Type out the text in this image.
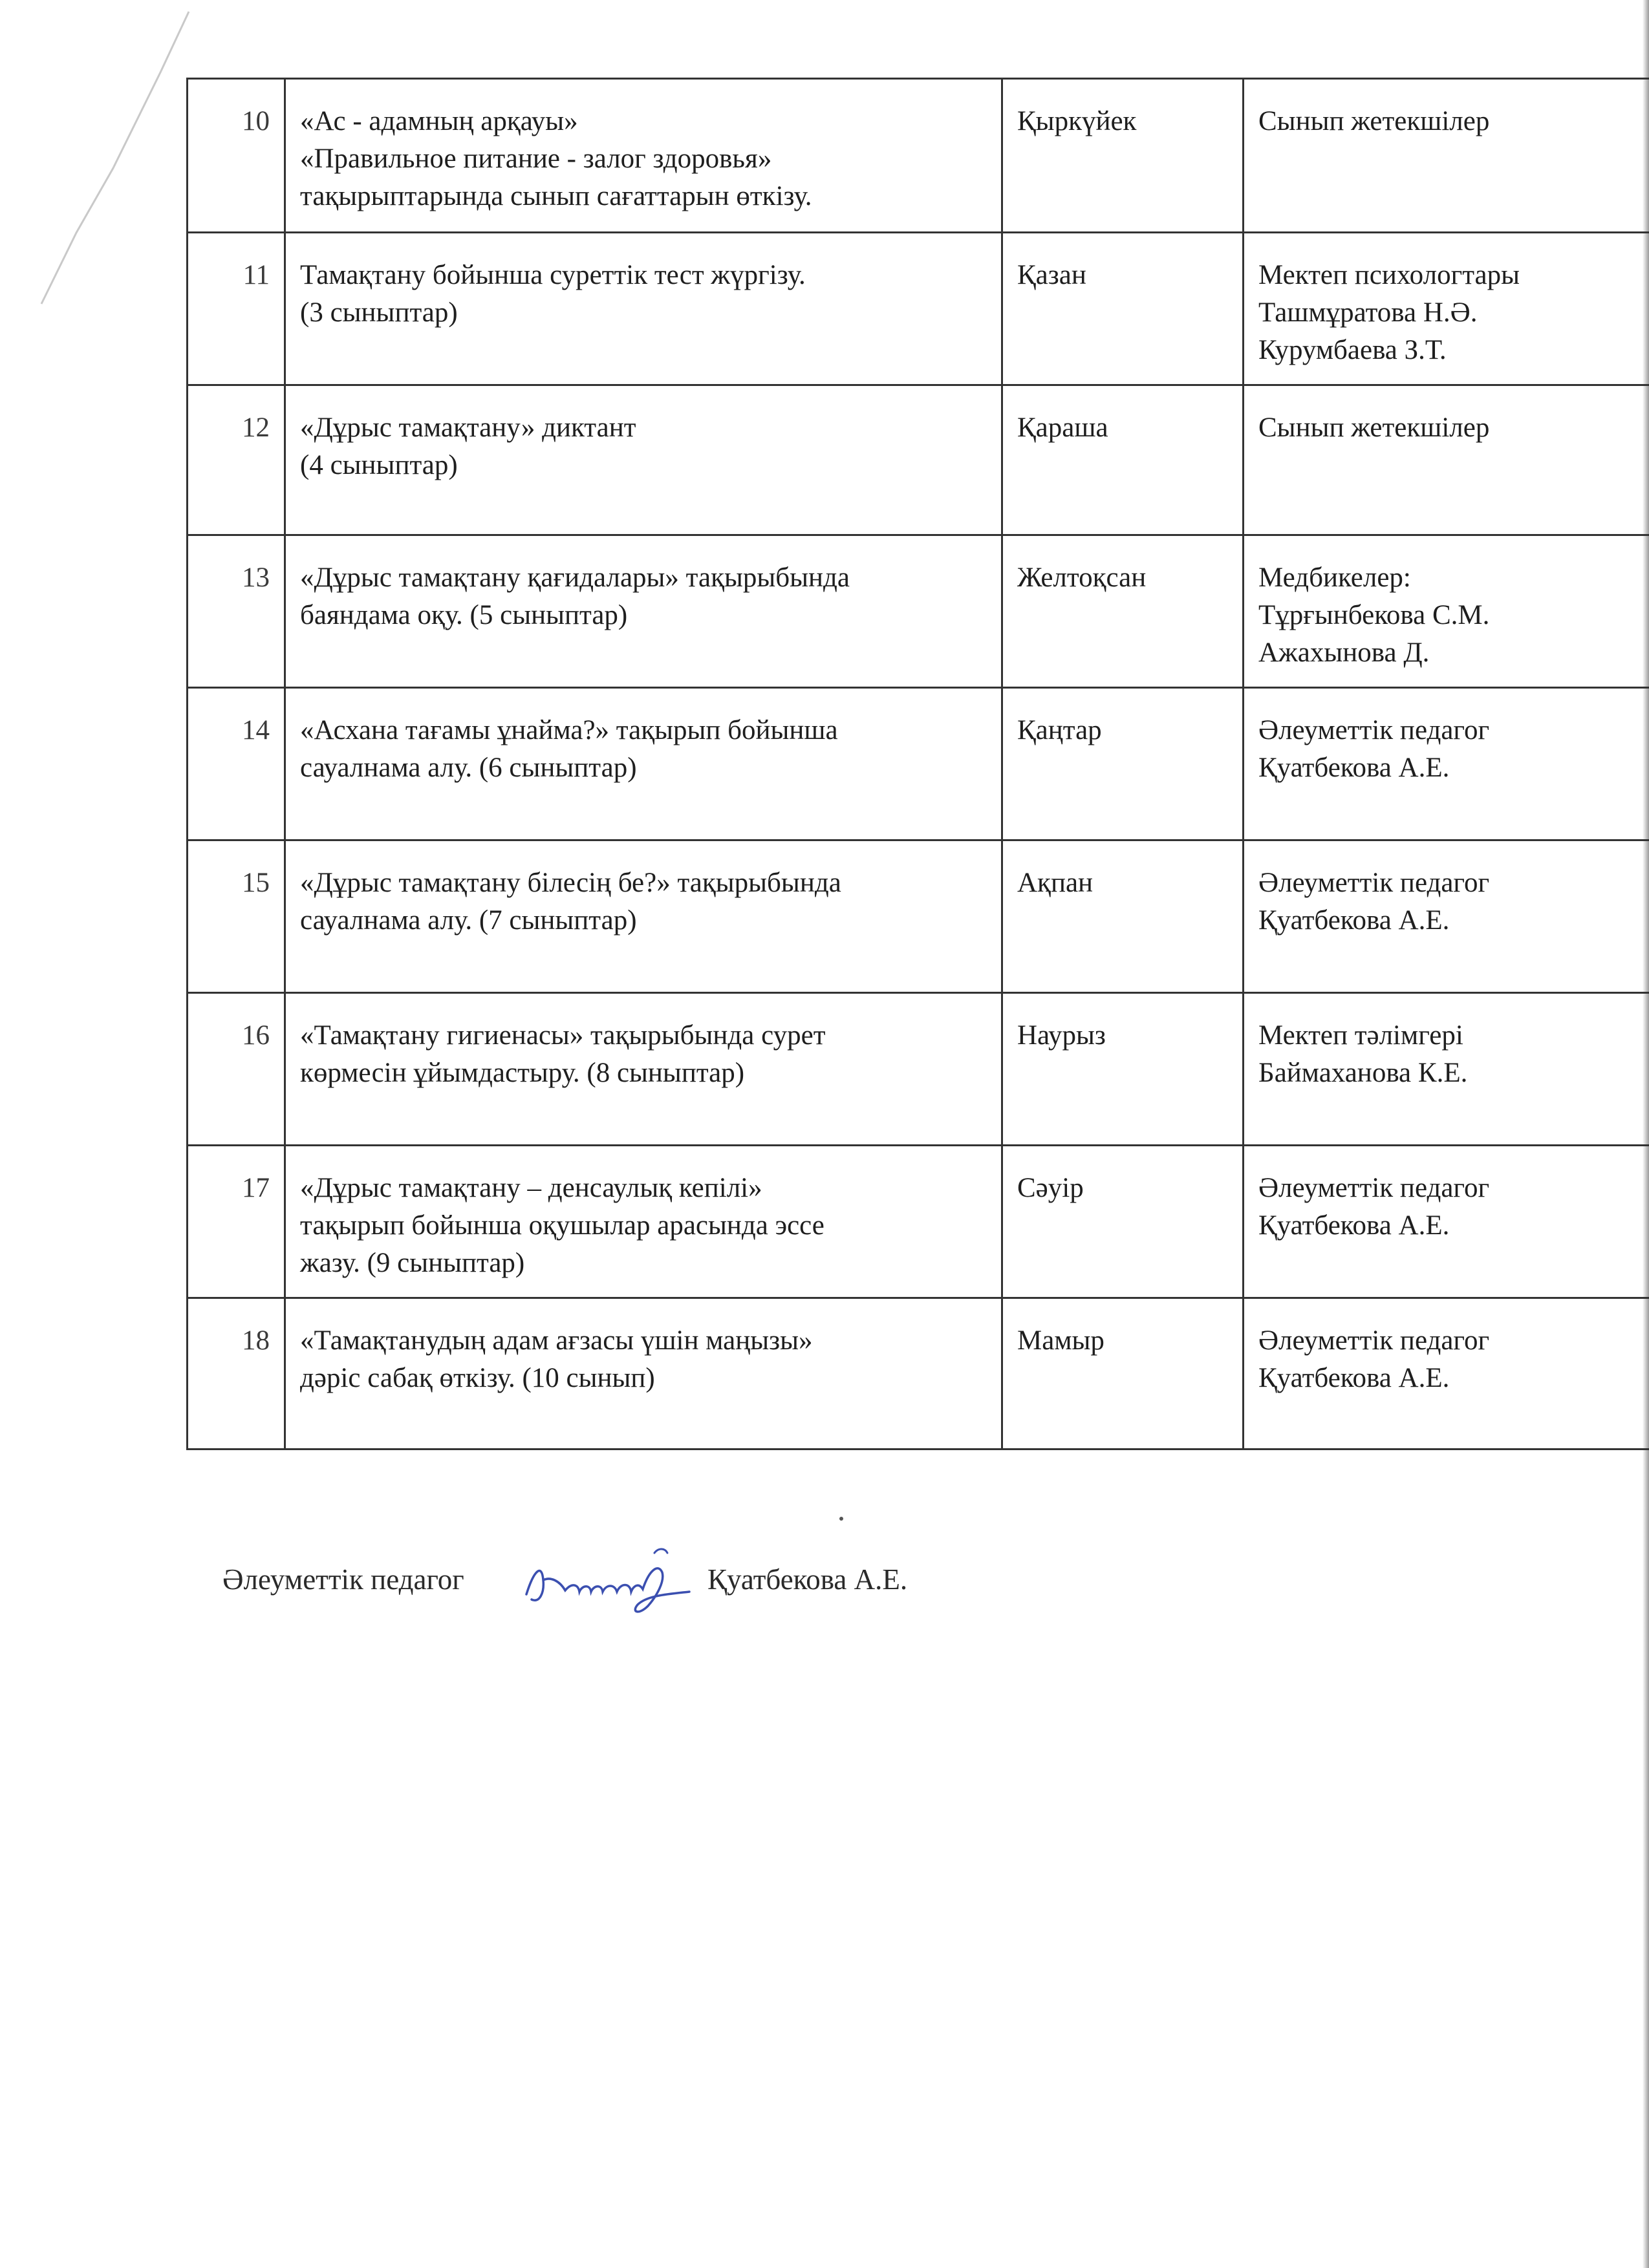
10	«Ас - адамның арқауы»
«Правильное питание - залог здоровья»
тақырыптарында сынып сағаттарын өткізу.	Қыркүйек	Сынып жетекшілер

11	Тамақтану бойынша суреттік тест жүргізу.
(3 сыныптар)	Қазан	Мектеп психологтары
Ташмұратова Н.Ә.
Курумбаева З.Т.

12	«Дұрыс тамақтану» диктант
(4 сыныптар)	Қараша	Сынып жетекшілер

13	«Дұрыс тамақтану қағидалары» тақырыбында
баяндама оқу. (5 сыныптар)	Желтоқсан	Медбикелер:
Тұрғынбекова С.М.
Ажахынова Д.

14	«Асхана тағамы ұнайма?» тақырып бойынша
сауалнама алу. (6 сыныптар)	Қаңтар	Әлеуметтік педагог
Қуатбекова А.Е.

15	«Дұрыс тамақтану білесің бе?» тақырыбында
сауалнама алу. (7 сыныптар)	Ақпан	Әлеуметтік педагог
Қуатбекова А.Е.

16	«Тамақтану гигиенасы» тақырыбында сурет
көрмесін ұйымдастыру. (8 сыныптар)	Наурыз	Мектеп тәлімгері
Баймаханова К.Е.

17	«Дұрыс тамақтану – денсаулық кепілі»
тақырып бойынша оқушылар арасында эссе
жазу. (9 сыныптар)	Сәуір	Әлеуметтік педагог
Қуатбекова А.Е.

18	«Тамақтанудың адам ағзасы үшін маңызы»
дәріс сабақ өткізу. (10 сынып)	Мамыр	Әлеуметтік педагог
Қуатбекова А.Е.
Әлеуметтік педагог	Қуатбекова А.Е.
